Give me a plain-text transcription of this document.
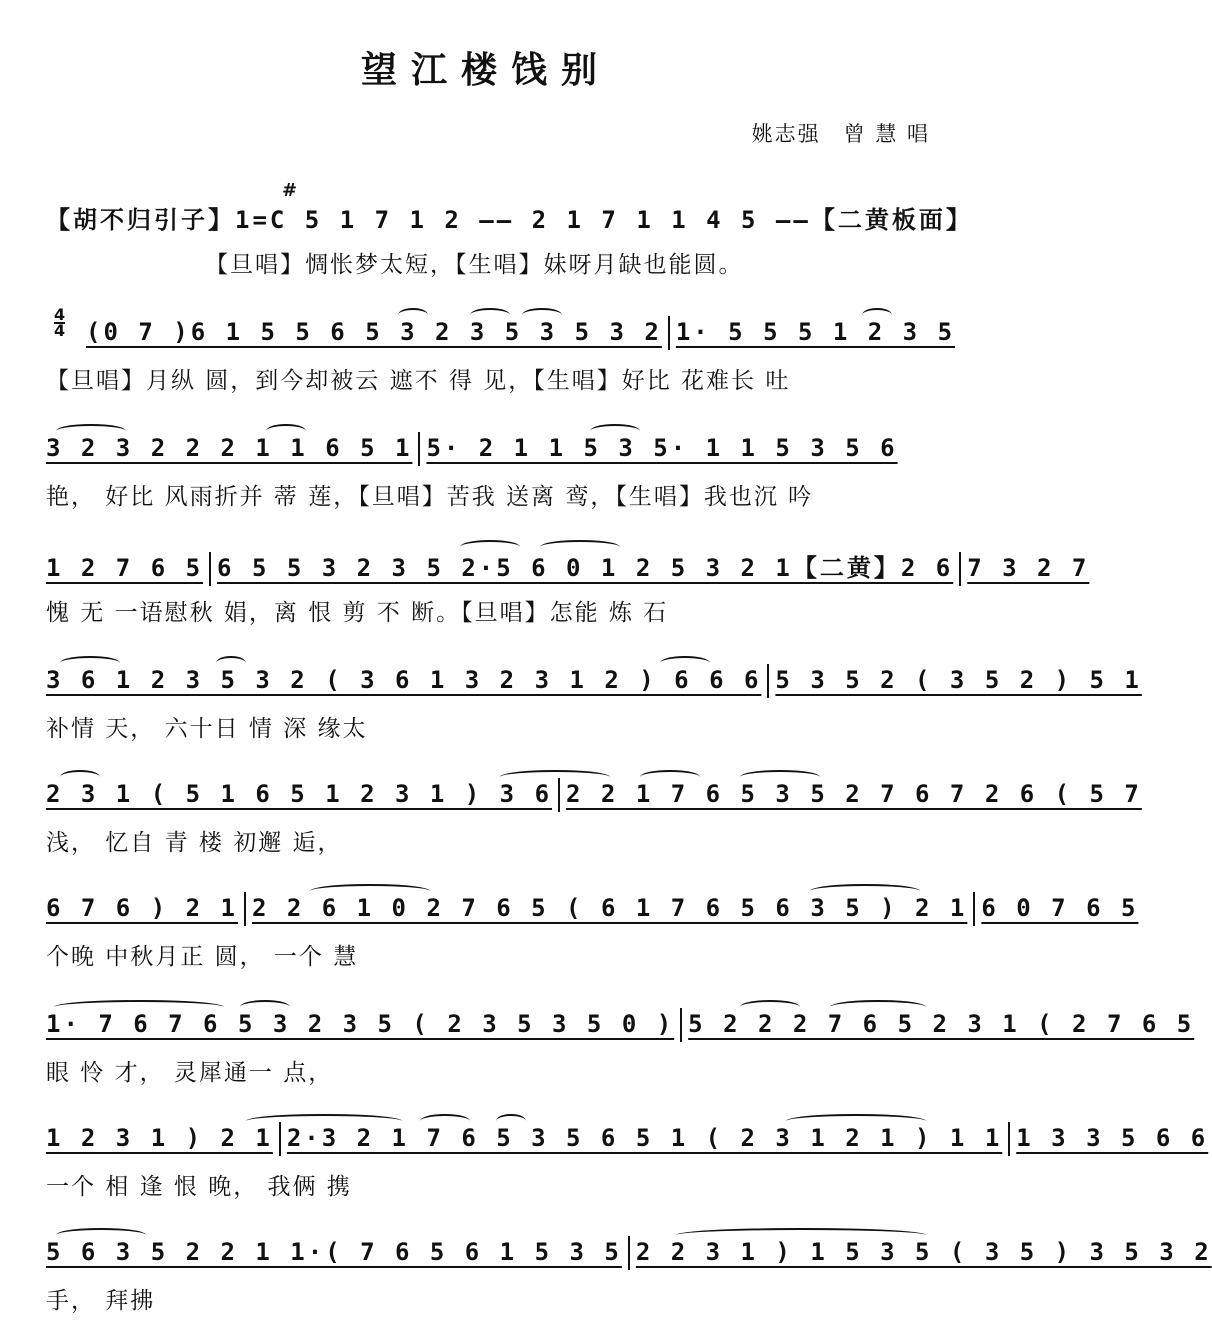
望江楼饯别
姚志强　曾 慧 唱
#
【胡不归引子】1=C 5 1 7 1 2 —— 2 1 7 1 1 4 5 ——【二黄板面】
【旦唱】惆怅梦太短，【生唱】妹呀月缺也能圆。
4
4 (0 7 )6 1 5 5 6 5 3 2 3 5 3 5 3 2 1· 5 5 5 1 2 3 5
【旦唱】月纵 圆，到今却被云 遮不 得 见，【生唱】好比 花难长 吐
3 2 3 2 2 2 1 1 6 5 1 5· 2 1 1 5 3 5· 1 1 5 3 5 6
艳， 好比 风雨折并 蒂 莲，【旦唱】苦我 送离 鸾，【生唱】我也沉 吟
1 2 7 6 5 6 5 5 3 2 3 5 2·5 6 0 1 2 5 3 2 1【二黄】2 6 7 3 2 7
愧 无 一语慰秋 娟，离 恨 剪 不 断。【旦唱】怎能 炼 石
3 6 1 2 3 5 3 2 ( 3 6 1 3 2 3 1 2 ) 6 6 6 5 3 5 2 ( 3 5 2 ) 5 1
补情 天， 六十日 情 深 缘太
2 3 1 ( 5 1 6 5 1 2 3 1 ) 3 6 2 2 1 7 6 5 3 5 2 7 6 7 2 6 ( 5 7
浅， 忆自 青 楼 初邂 逅，
6 7 6 ) 2 1 2 2 6 1 0 2 7 6 5 ( 6 1 7 6 5 6 3 5 ) 2 1 6 0 7 6 5
个晚 中秋月正 圆， 一个 慧
1· 7 6 7 6 5 3 2 3 5 ( 2 3 5 3 5 0 ) 5 2 2 2 7 6 5 2 3 1 ( 2 7 6 5
眼 怜 才， 灵犀通一 点，
1 2 3 1 ) 2 1 2·3 2 1 7 6 5 3 5 6 5 1 ( 2 3 1 2 1 ) 1 1 1 3 3 5 6 6
一个 相 逢 恨 晚， 我俩 携
5 6 3 5 2 2 1 1·( 7 6 5 6 1 5 3 5 2 2 3 1 ) 1 5 3 5 ( 3 5 ) 3 5 3 2
手， 拜拂
